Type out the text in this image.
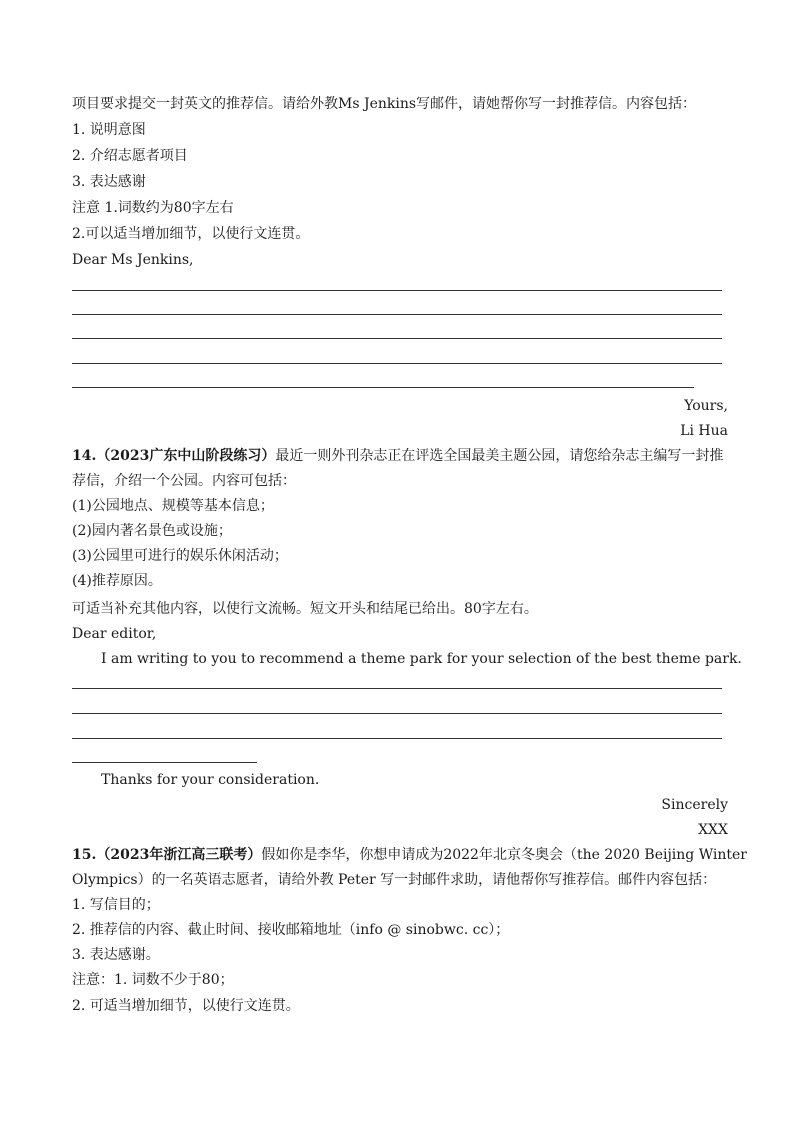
项目要求提交一封英文的推荐信。请给外教Ms Jenkins写邮件，请她帮你写一封推荐信。内容包括：
1. 说明意图
2. 介绍志愿者项目
3. 表达感谢
注意 1.词数约为80字左右
2.可以适当增加细节，以使行文连贯。
Dear Ms Jenkins,
Yours,
Li Hua
14.（2023广东中山阶段练习）最近一则外刊杂志正在评选全国最美主题公园，请您给杂志主编写一封推
荐信，介绍一个公园。内容可包括：
(1)公园地点、规模等基本信息；
(2)园内著名景色或设施；
(3)公园里可进行的娱乐休闲活动；
(4)推荐原因。
可适当补充其他内容，以使行文流畅。短文开头和结尾已给出。80字左右。
Dear editor,
I am writing to you to recommend a theme park for your selection of the best theme park.
Thanks for your consideration.
Sincerely
XXX
15.（2023年浙江高三联考）假如你是李华，你想申请成为2022年北京冬奥会（the 2020 Beijing Winter
Olympics）的一名英语志愿者，请给外教 Peter 写一封邮件求助，请他帮你写推荐信。邮件内容包括：
1. 写信目的；
2. 推荐信的内容、截止时间、接收邮箱地址（info @ sinobwc. cc）；
3. 表达感谢。
注意：1. 词数不少于80；
2. 可适当增加细节，以使行文连贯。
